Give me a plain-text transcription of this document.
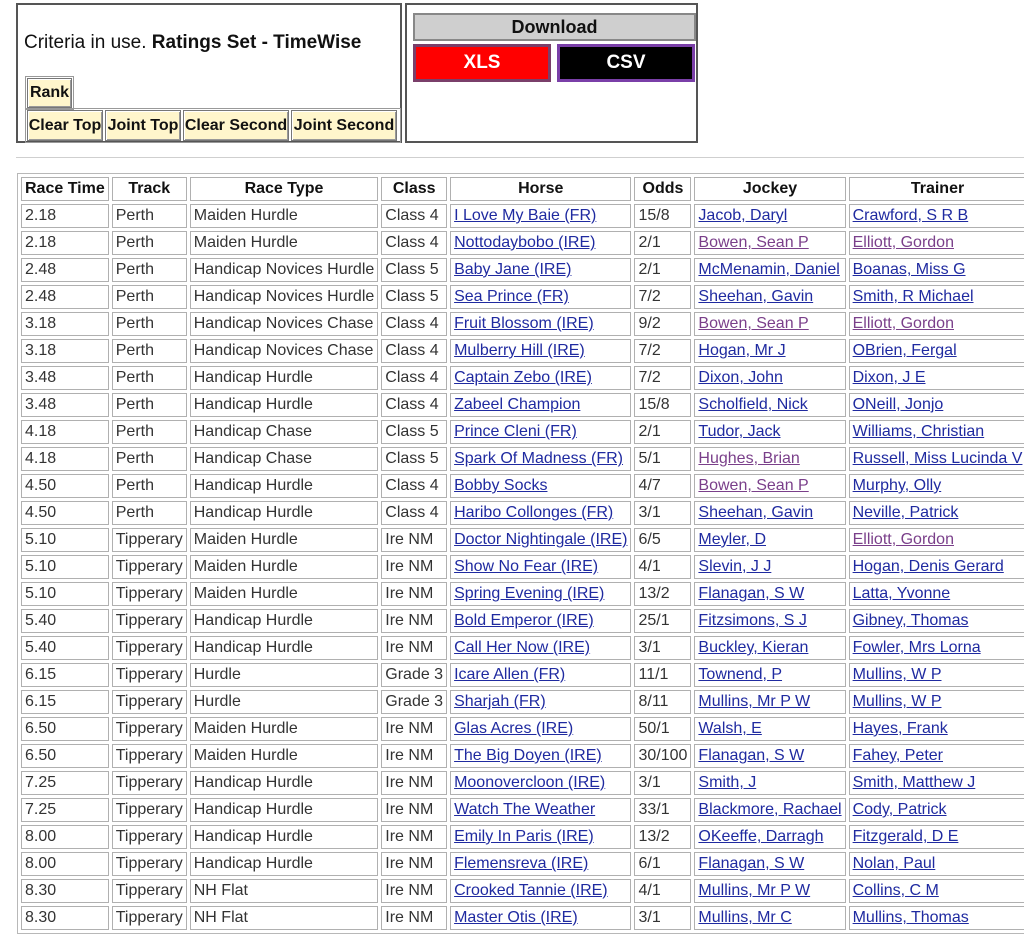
Criteria in use. Ratings Set - TimeWise
Rank
Clear Top Joint Top Clear Second Joint Second
Download
XLS	CSV
Race Time	Track	Race Type	Class	Horse	Odds	Jockey	Trainer
2.18	Perth	Maiden Hurdle	Class 4	I Love My Baie (FR)	15/8	Jacob, Daryl	Crawford, S R B
2.18	Perth	Maiden Hurdle	Class 4	Nottodaybobo (IRE)	2/1	Bowen, Sean P	Elliott, Gordon
2.48	Perth	Handicap Novices Hurdle	Class 5	Baby Jane (IRE)	2/1	McMenamin, Daniel	Boanas, Miss G
2.48	Perth	Handicap Novices Hurdle	Class 5	Sea Prince (FR)	7/2	Sheehan, Gavin	Smith, R Michael
3.18	Perth	Handicap Novices Chase	Class 4	Fruit Blossom (IRE)	9/2	Bowen, Sean P	Elliott, Gordon
3.18	Perth	Handicap Novices Chase	Class 4	Mulberry Hill (IRE)	7/2	Hogan, Mr J	OBrien, Fergal
3.48	Perth	Handicap Hurdle	Class 4	Captain Zebo (IRE)	7/2	Dixon, John	Dixon, J E
3.48	Perth	Handicap Hurdle	Class 4	Zabeel Champion	15/8	Scholfield, Nick	ONeill, Jonjo
4.18	Perth	Handicap Chase	Class 5	Prince Cleni (FR)	2/1	Tudor, Jack	Williams, Christian
4.18	Perth	Handicap Chase	Class 5	Spark Of Madness (FR)	5/1	Hughes, Brian	Russell, Miss Lucinda V
4.50	Perth	Handicap Hurdle	Class 4	Bobby Socks	4/7	Bowen, Sean P	Murphy, Olly
4.50	Perth	Handicap Hurdle	Class 4	Haribo Collonges (FR)	3/1	Sheehan, Gavin	Neville, Patrick
5.10	Tipperary	Maiden Hurdle	Ire NM	Doctor Nightingale (IRE)	6/5	Meyler, D	Elliott, Gordon
5.10	Tipperary	Maiden Hurdle	Ire NM	Show No Fear (IRE)	4/1	Slevin, J J	Hogan, Denis Gerard
5.10	Tipperary	Maiden Hurdle	Ire NM	Spring Evening (IRE)	13/2	Flanagan, S W	Latta, Yvonne
5.40	Tipperary	Handicap Hurdle	Ire NM	Bold Emperor (IRE)	25/1	Fitzsimons, S J	Gibney, Thomas
5.40	Tipperary	Handicap Hurdle	Ire NM	Call Her Now (IRE)	3/1	Buckley, Kieran	Fowler, Mrs Lorna
6.15	Tipperary	Hurdle	Grade 3	Icare Allen (FR)	11/1	Townend, P	Mullins, W P
6.15	Tipperary	Hurdle	Grade 3	Sharjah (FR)	8/11	Mullins, Mr P W	Mullins, W P
6.50	Tipperary	Maiden Hurdle	Ire NM	Glas Acres (IRE)	50/1	Walsh, E	Hayes, Frank
6.50	Tipperary	Maiden Hurdle	Ire NM	The Big Doyen (IRE)	30/100	Flanagan, S W	Fahey, Peter
7.25	Tipperary	Handicap Hurdle	Ire NM	Moonovercloon (IRE)	3/1	Smith, J	Smith, Matthew J
7.25	Tipperary	Handicap Hurdle	Ire NM	Watch The Weather	33/1	Blackmore, Rachael	Cody, Patrick
8.00	Tipperary	Handicap Hurdle	Ire NM	Emily In Paris (IRE)	13/2	OKeeffe, Darragh	Fitzgerald, D E
8.00	Tipperary	Handicap Hurdle	Ire NM	Flemensreva (IRE)	6/1	Flanagan, S W	Nolan, Paul
8.30	Tipperary	NH Flat	Ire NM	Crooked Tannie (IRE)	4/1	Mullins, Mr P W	Collins, C M
8.30	Tipperary	NH Flat	Ire NM	Master Otis (IRE)	3/1	Mullins, Mr C	Mullins, Thomas
